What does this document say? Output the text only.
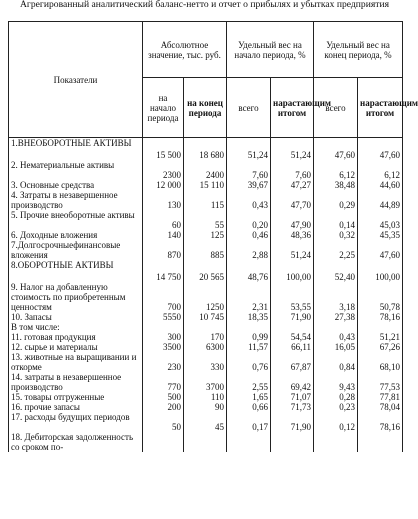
Агрегированный аналитический баланс-нетто и отчет о прибылях и убытках предприятия
Показатели	Абсолютное значение, тыс. руб.		Удельный вес на начало периода, %		Удельный вес на конец периода, %	
	на начало периода	на конец периода	всего	нарастающим итогом	всего	нарастающим итогом
1.ВНЕОБОРОТНЫЕ АКТИВЫ	15 500	18 680	51,24	51,24	47,60	47,60
2. Нематериальные активы	2300	2400	7,60	7,60	6,12	6,12
3. Основные средства	12 000	15 110	39,67	47,27	38,48	44,60
4. Затраты в незавершенное производство	130	115	0,43	47,70	0,29	44,89
5. Прочие внеоборотные активы	60	55	0,20	47,90	0,14	45,03
6. Доходные вложения	140	125	0,46	48,36	0,32	45,35
7.Долгосрочныефинансовые вложения	870	885	2,88	51,24	2,25	47,60
8.ОБОРОТНЫЕ АКТИВЫ	14 750	20 565	48,76	100,00	52,40	100,00
9. Налог на добавленную стоимость по приобретенным ценностям	700	1250	2,31	53,55	3,18	50,78
10. Запасы	5550	10 745	18,35	71,90	27,38	78,16
В том числе:						
11. готовая продукция	300	170	0,99	54,54	0,43	51,21
12. сырье и материалы	3500	6300	11,57	66,11	16,05	67,26
13. животные на выращивании и откорме	230	330	0,76	67,87	0,84	68,10
14. затраты в незавершенное производство	770	3700	2,55	69,42	9,43	77,53
15. товары отгруженные	500	110	1,65	71,07	0,28	77,81
16. прочие запасы	200	90	0,66	71,73	0,23	78,04
17. расходы будущих периодов	50	45	0,17	71,90	0,12	78,16
18. Дебиторская задолженность со сроком по-						
